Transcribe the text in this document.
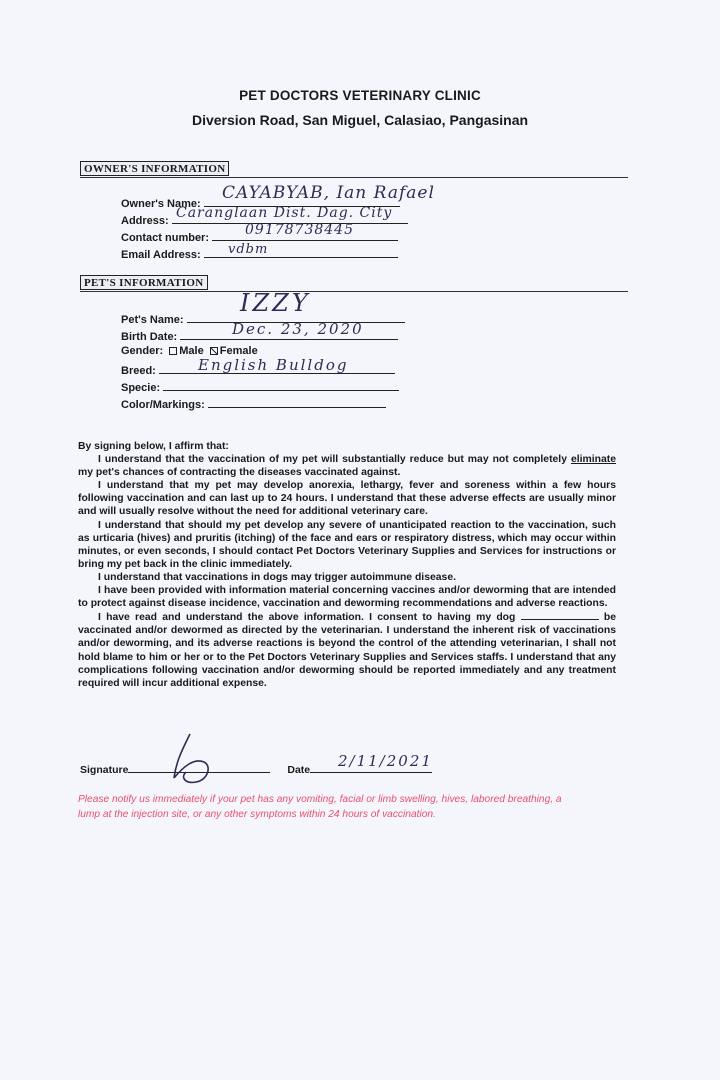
PET DOCTORS VETERINARY CLINIC
Diversion Road, San Miguel, Calasiao, Pangasinan
OWNER'S INFORMATION
Owner's Name:
CAYABYAB, Ian Rafael
Address: Caranglaan Dist. Dag. City
Contact number:	09178738445
Email Address:	vdbm
PET'S INFORMATION
Pet's Name:
IZZY
Birth Date:	Dec. 23, 2020
Gender: Male Female
Breed:	English Bulldog
Specie:
Color/Markings:

By signing below, I affirm that:

I understand that the vaccination of my pet will substantially reduce but may not completely eliminate my pet's chances of contracting the diseases vaccinated against.

I understand that my pet may develop anorexia, lethargy, fever and soreness within a few hours following vaccination and can last up to 24 hours. I understand that these adverse effects are usually minor and will usually resolve without the need for additional veterinary care.

I understand that should my pet develop any severe of unanticipated reaction to the vaccination, such as urticaria (hives) and pruritis (itching) of the face and ears or respiratory distress, which may occur within minutes, or even seconds, I should contact Pet Doctors Veterinary Supplies and Services for instructions or bring my pet back in the clinic immediately.

I understand that vaccinations in dogs may trigger autoimmune disease.

I have been provided with information material concerning vaccines and/or deworming that are intended to protect against disease incidence, vaccination and deworming recommendations and adverse reactions.

I have read and understand the above information. I consent to having my dog	be vaccinated and/or dewormed as directed by the veterinarian. I understand the inherent risk of vaccinations and/or deworming, and its adverse reactions is beyond the control of the attending veterinarian, I shall not hold blame to him or her or to the Pet Doctors Veterinary Supplies and Services staffs. I understand that any complications following vaccination and/or deworming should be reported immediately and any treatment required will incur additional expense.

Signature	Date	2/11/2021
Please notify us immediately if your pet has any vomiting, facial or limb swelling, hives, labored breathing, a lump at the injection site, or any other symptoms within 24 hours of vaccination.
